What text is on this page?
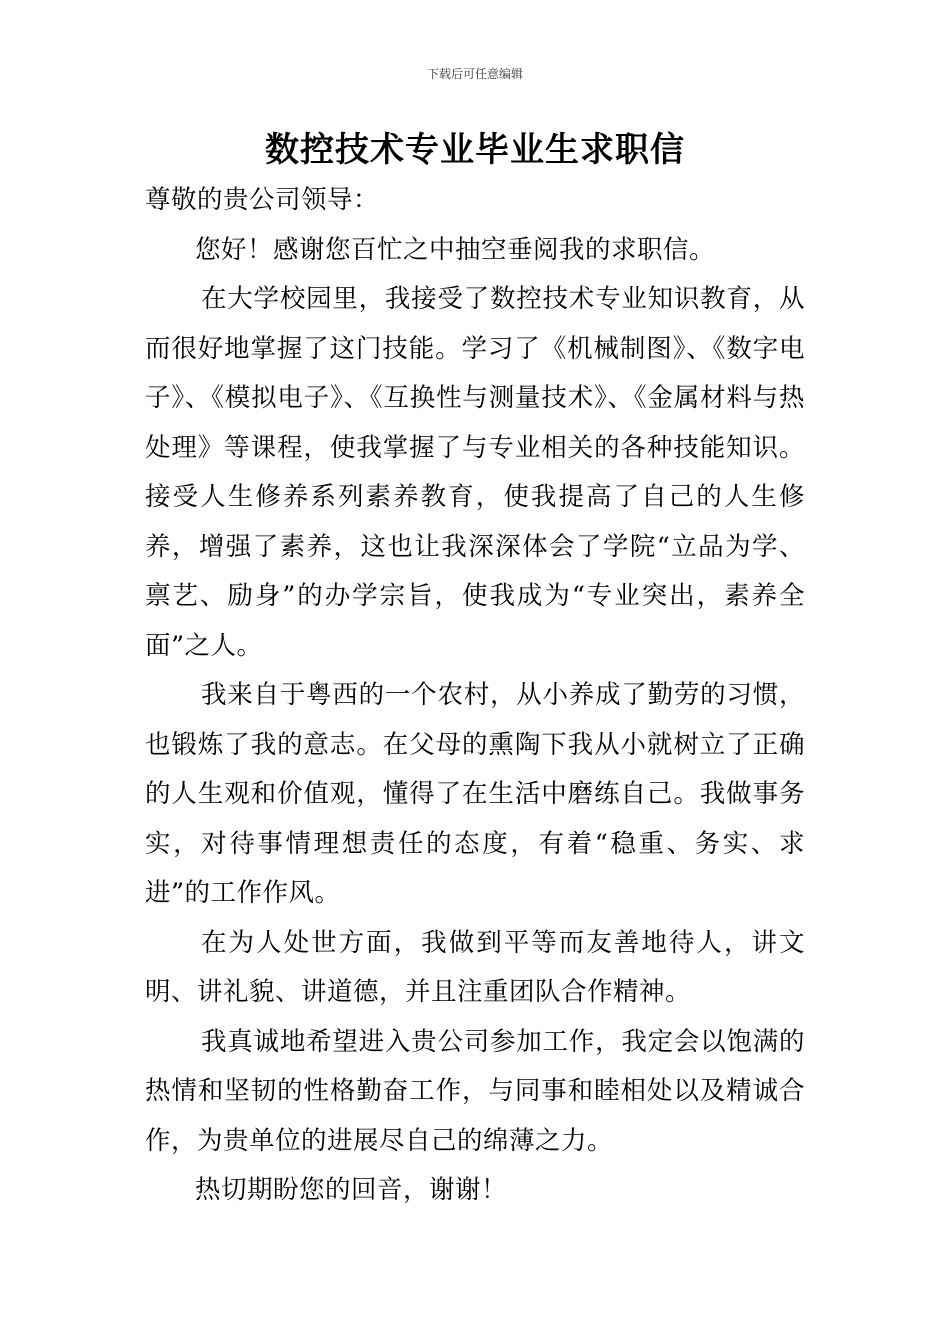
下载后可任意编辑
数控技术专业毕业生求职信

尊敬的贵公司领导：

您好！感谢您百忙之中抽空垂阅我的求职信。

在大学校园里，我接受了数控技术专业知识教育，从而很好地掌握了这门技能。学习了《机械制图》、《数字电子》、《模拟电子》、《互换性与测量技术》、《金属材料与热处理》等课程，使我掌握了与专业相关的各种技能知识。接受人生修养系列素养教育，使我提高了自己的人生修养，增强了素养，这也让我深深体会了学院“立品为学、禀艺、励身”的办学宗旨，使我成为“专业突出，素养全面”之人。

我来自于粤西的一个农村，从小养成了勤劳的习惯，也锻炼了我的意志。在父母的熏陶下我从小就树立了正确的人生观和价值观，懂得了在生活中磨练自己。我做事务实，对待事情理想责任的态度，有着“稳重、务实、求进”的工作作风。

在为人处世方面，我做到平等而友善地待人，讲文明、讲礼貌、讲道德，并且注重团队合作精神。

我真诚地希望进入贵公司参加工作，我定会以饱满的热情和坚韧的性格勤奋工作，与同事和睦相处以及精诚合作，为贵单位的进展尽自己的绵薄之力。

热切期盼您的回音，谢谢！
